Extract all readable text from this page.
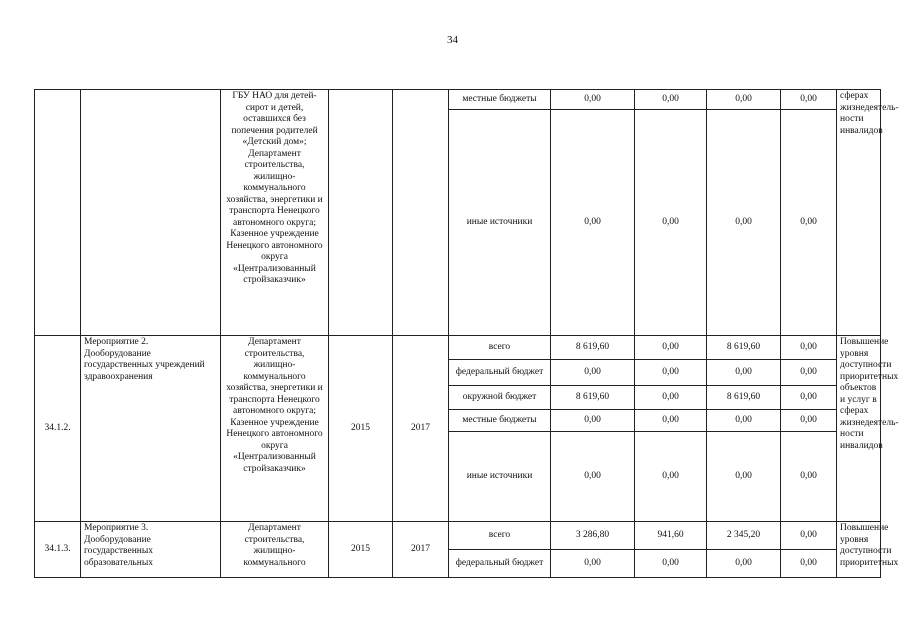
34
		ГБУ НАО для детей-сирот и детей, оставшихся без попечения родителей «Детский дом»; Департамент строительства, жилищно-коммунального хозяйства, энергетики и транспорта Ненецкого автономного округа; Казенное учреждение Ненецкого автономного округа «Централизованный стройзаказчик»			местные бюджеты	0,00	0,00	0,00	0,00	сферах жизнедеятель-ности инвалидов
					иные источники	0,00	0,00	0,00	0,00	
34.1.2.	Мероприятие 2. Дооборудование государственных учреждений здравоохранения	Департамент строительства, жилищно-коммунального хозяйства, энергетики и транспорта Ненецкого автономного округа; Казенное учреждение Ненецкого автономного округа «Централизованный стройзаказчик»	2015	2017	всего	8 619,60	0,00	8 619,60	0,00	Повышение уровня доступности приоритетных объектов и услуг в сферах жизнедеятель-ности инвалидов
					федеральный бюджет	0,00	0,00	0,00	0,00	
					окружной бюджет	8 619,60	0,00	8 619,60	0,00	
					местные бюджеты	0,00	0,00	0,00	0,00	
					иные источники	0,00	0,00	0,00	0,00	
34.1.3.	Мероприятие 3. Дооборудование государственных образовательных	Департамент строительства, жилищно-коммунального	2015	2017	всего	3 286,80	941,60	2 345,20	0,00	Повышение уровня доступности приоритетных
					федеральный бюджет	0,00	0,00	0,00	0,00	
